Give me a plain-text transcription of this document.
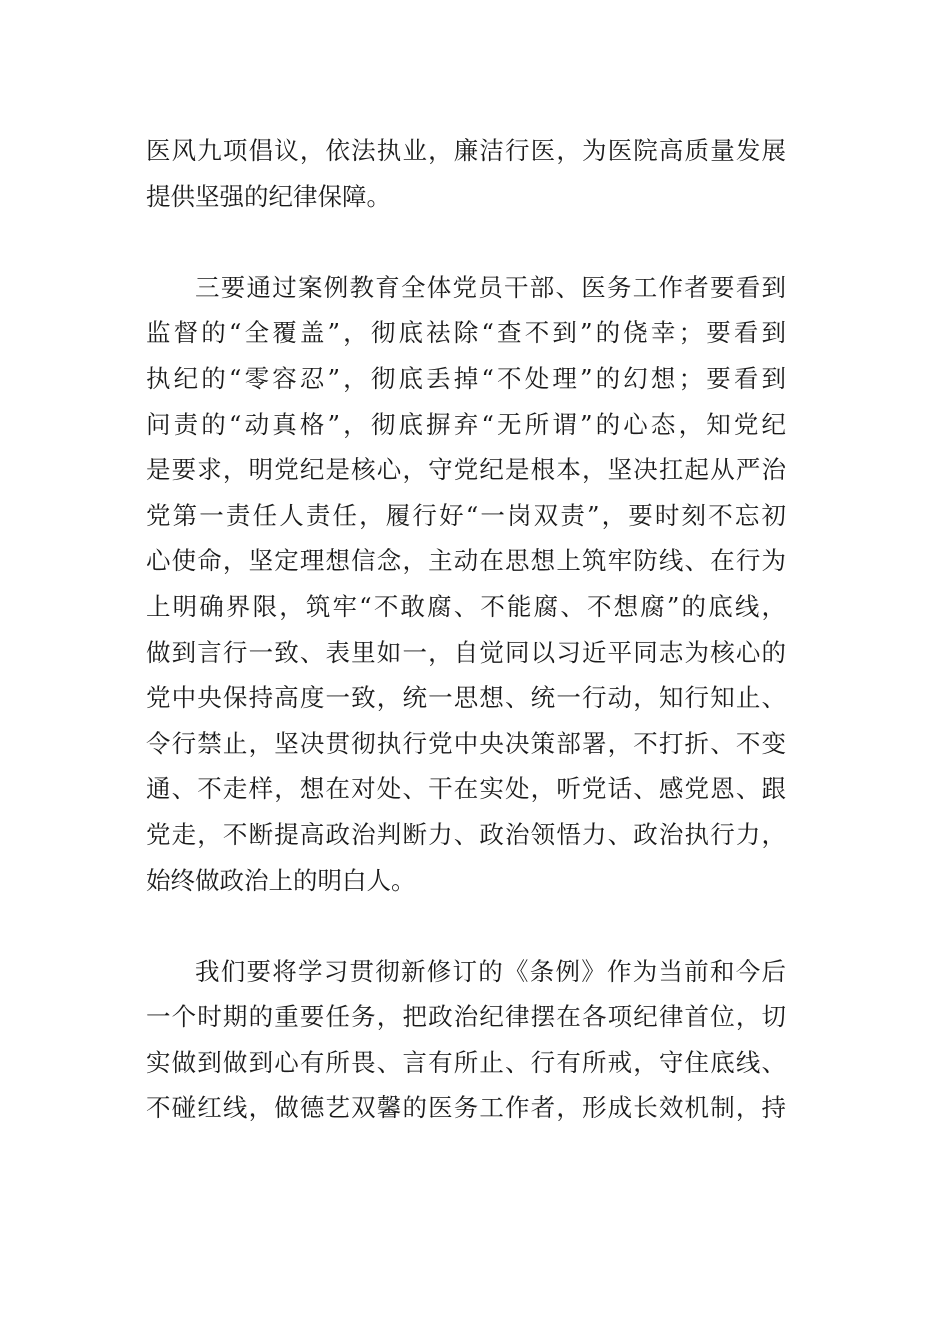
医风九项倡议，依法执业，廉洁行医，为医院高质量发展
提供坚强的纪律保障。
三要通过案例教育全体党员干部、医务工作者要看到
监督的“全覆盖”，彻底祛除“查不到”的侥幸；要看到
执纪的“零容忍”，彻底丢掉“不处理”的幻想；要看到
问责的“动真格”，彻底摒弃“无所谓”的心态，知党纪
是要求，明党纪是核心，守党纪是根本，坚决扛起从严治
党第一责任人责任，履行好“一岗双责”，要时刻不忘初
心使命，坚定理想信念，主动在思想上筑牢防线、在行为
上明确界限，筑牢“不敢腐、不能腐、不想腐”的底线，
做到言行一致、表里如一，自觉同以习近平同志为核心的
党中央保持高度一致，统一思想、统一行动，知行知止、
令行禁止，坚决贯彻执行党中央决策部署，不打折、不变
通、不走样，想在对处、干在实处，听党话、感党恩、跟
党走，不断提高政治判断力、政治领悟力、政治执行力，
始终做政治上的明白人。
我们要将学习贯彻新修订的《条例》作为当前和今后
一个时期的重要任务，把政治纪律摆在各项纪律首位，切
实做到做到心有所畏、言有所止、行有所戒，守住底线、
不碰红线，做德艺双馨的医务工作者，形成长效机制，持
